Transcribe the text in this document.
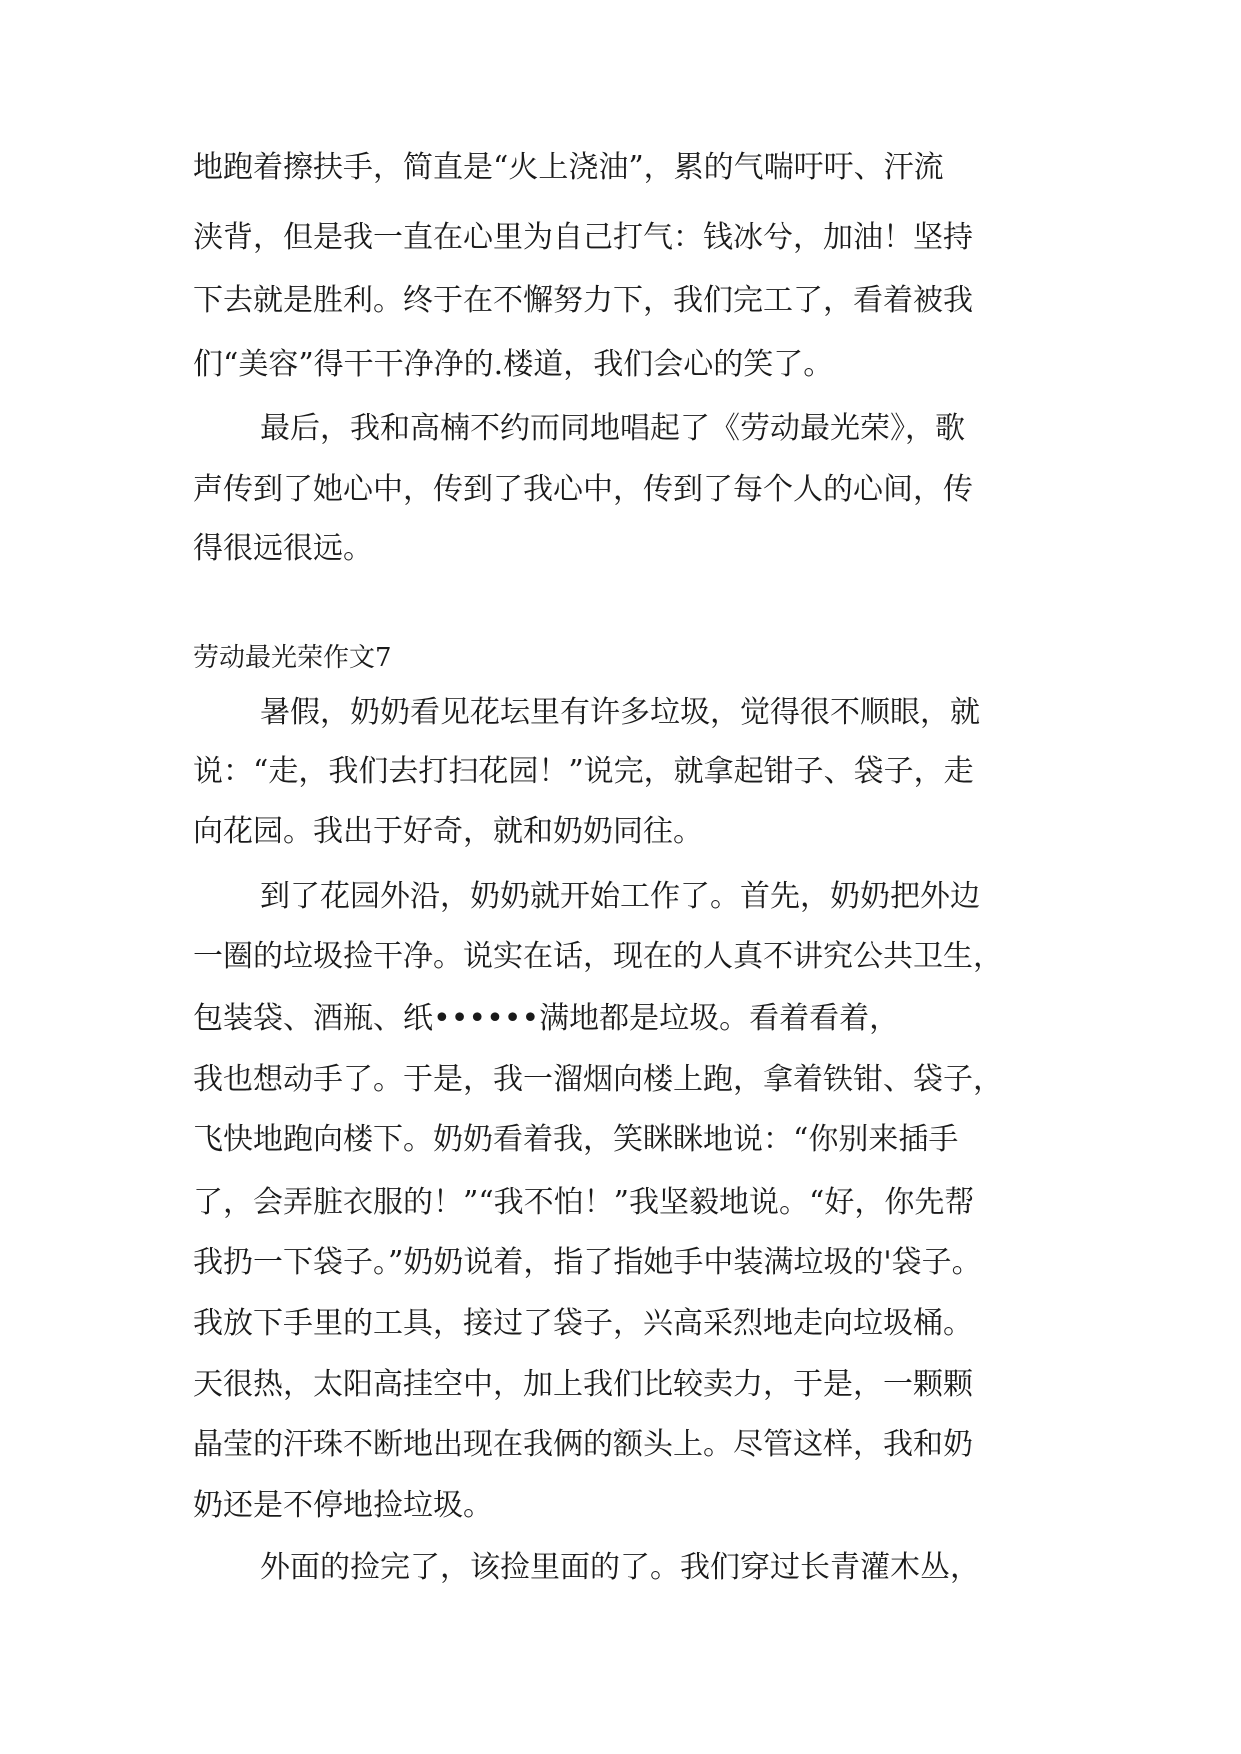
地跑着擦扶手，简直是“火上浇油”，累的气喘吁吁、汗流
浃背，但是我一直在心里为自己打气：钱冰兮，加油！坚持
下去就是胜利。终于在不懈努力下，我们完工了，看着被我
们“美容”得干干净净的.楼道，我们会心的笑了。
最后，我和高楠不约而同地唱起了《劳动最光荣》，歌
声传到了她心中，传到了我心中，传到了每个人的心间，传
得很远很远。
劳动最光荣作文7
暑假，奶奶看见花坛里有许多垃圾，觉得很不顺眼，就
说：“走，我们去打扫花园！”说完，就拿起钳子、袋子，走
向花园。我出于好奇，就和奶奶同往。
到了花园外沿，奶奶就开始工作了。首先，奶奶把外边
一圈的垃圾捡干净。说实在话，现在的人真不讲究公共卫生，
包装袋、酒瓶、纸••••••满地都是垃圾。看着看着，
我也想动手了。于是，我一溜烟向楼上跑，拿着铁钳、袋子，
飞快地跑向楼下。奶奶看着我，笑眯眯地说：“你别来插手
了，会弄脏衣服的！”“我不怕！”我坚毅地说。“好，你先帮
我扔一下袋子。”奶奶说着，指了指她手中装满垃圾的'袋子。
我放下手里的工具，接过了袋子，兴高采烈地走向垃圾桶。
天很热，太阳高挂空中，加上我们比较卖力，于是，一颗颗
晶莹的汗珠不断地出现在我俩的额头上。尽管这样，我和奶
奶还是不停地捡垃圾。
外面的捡完了，该捡里面的了。我们穿过长青灌木丛，
